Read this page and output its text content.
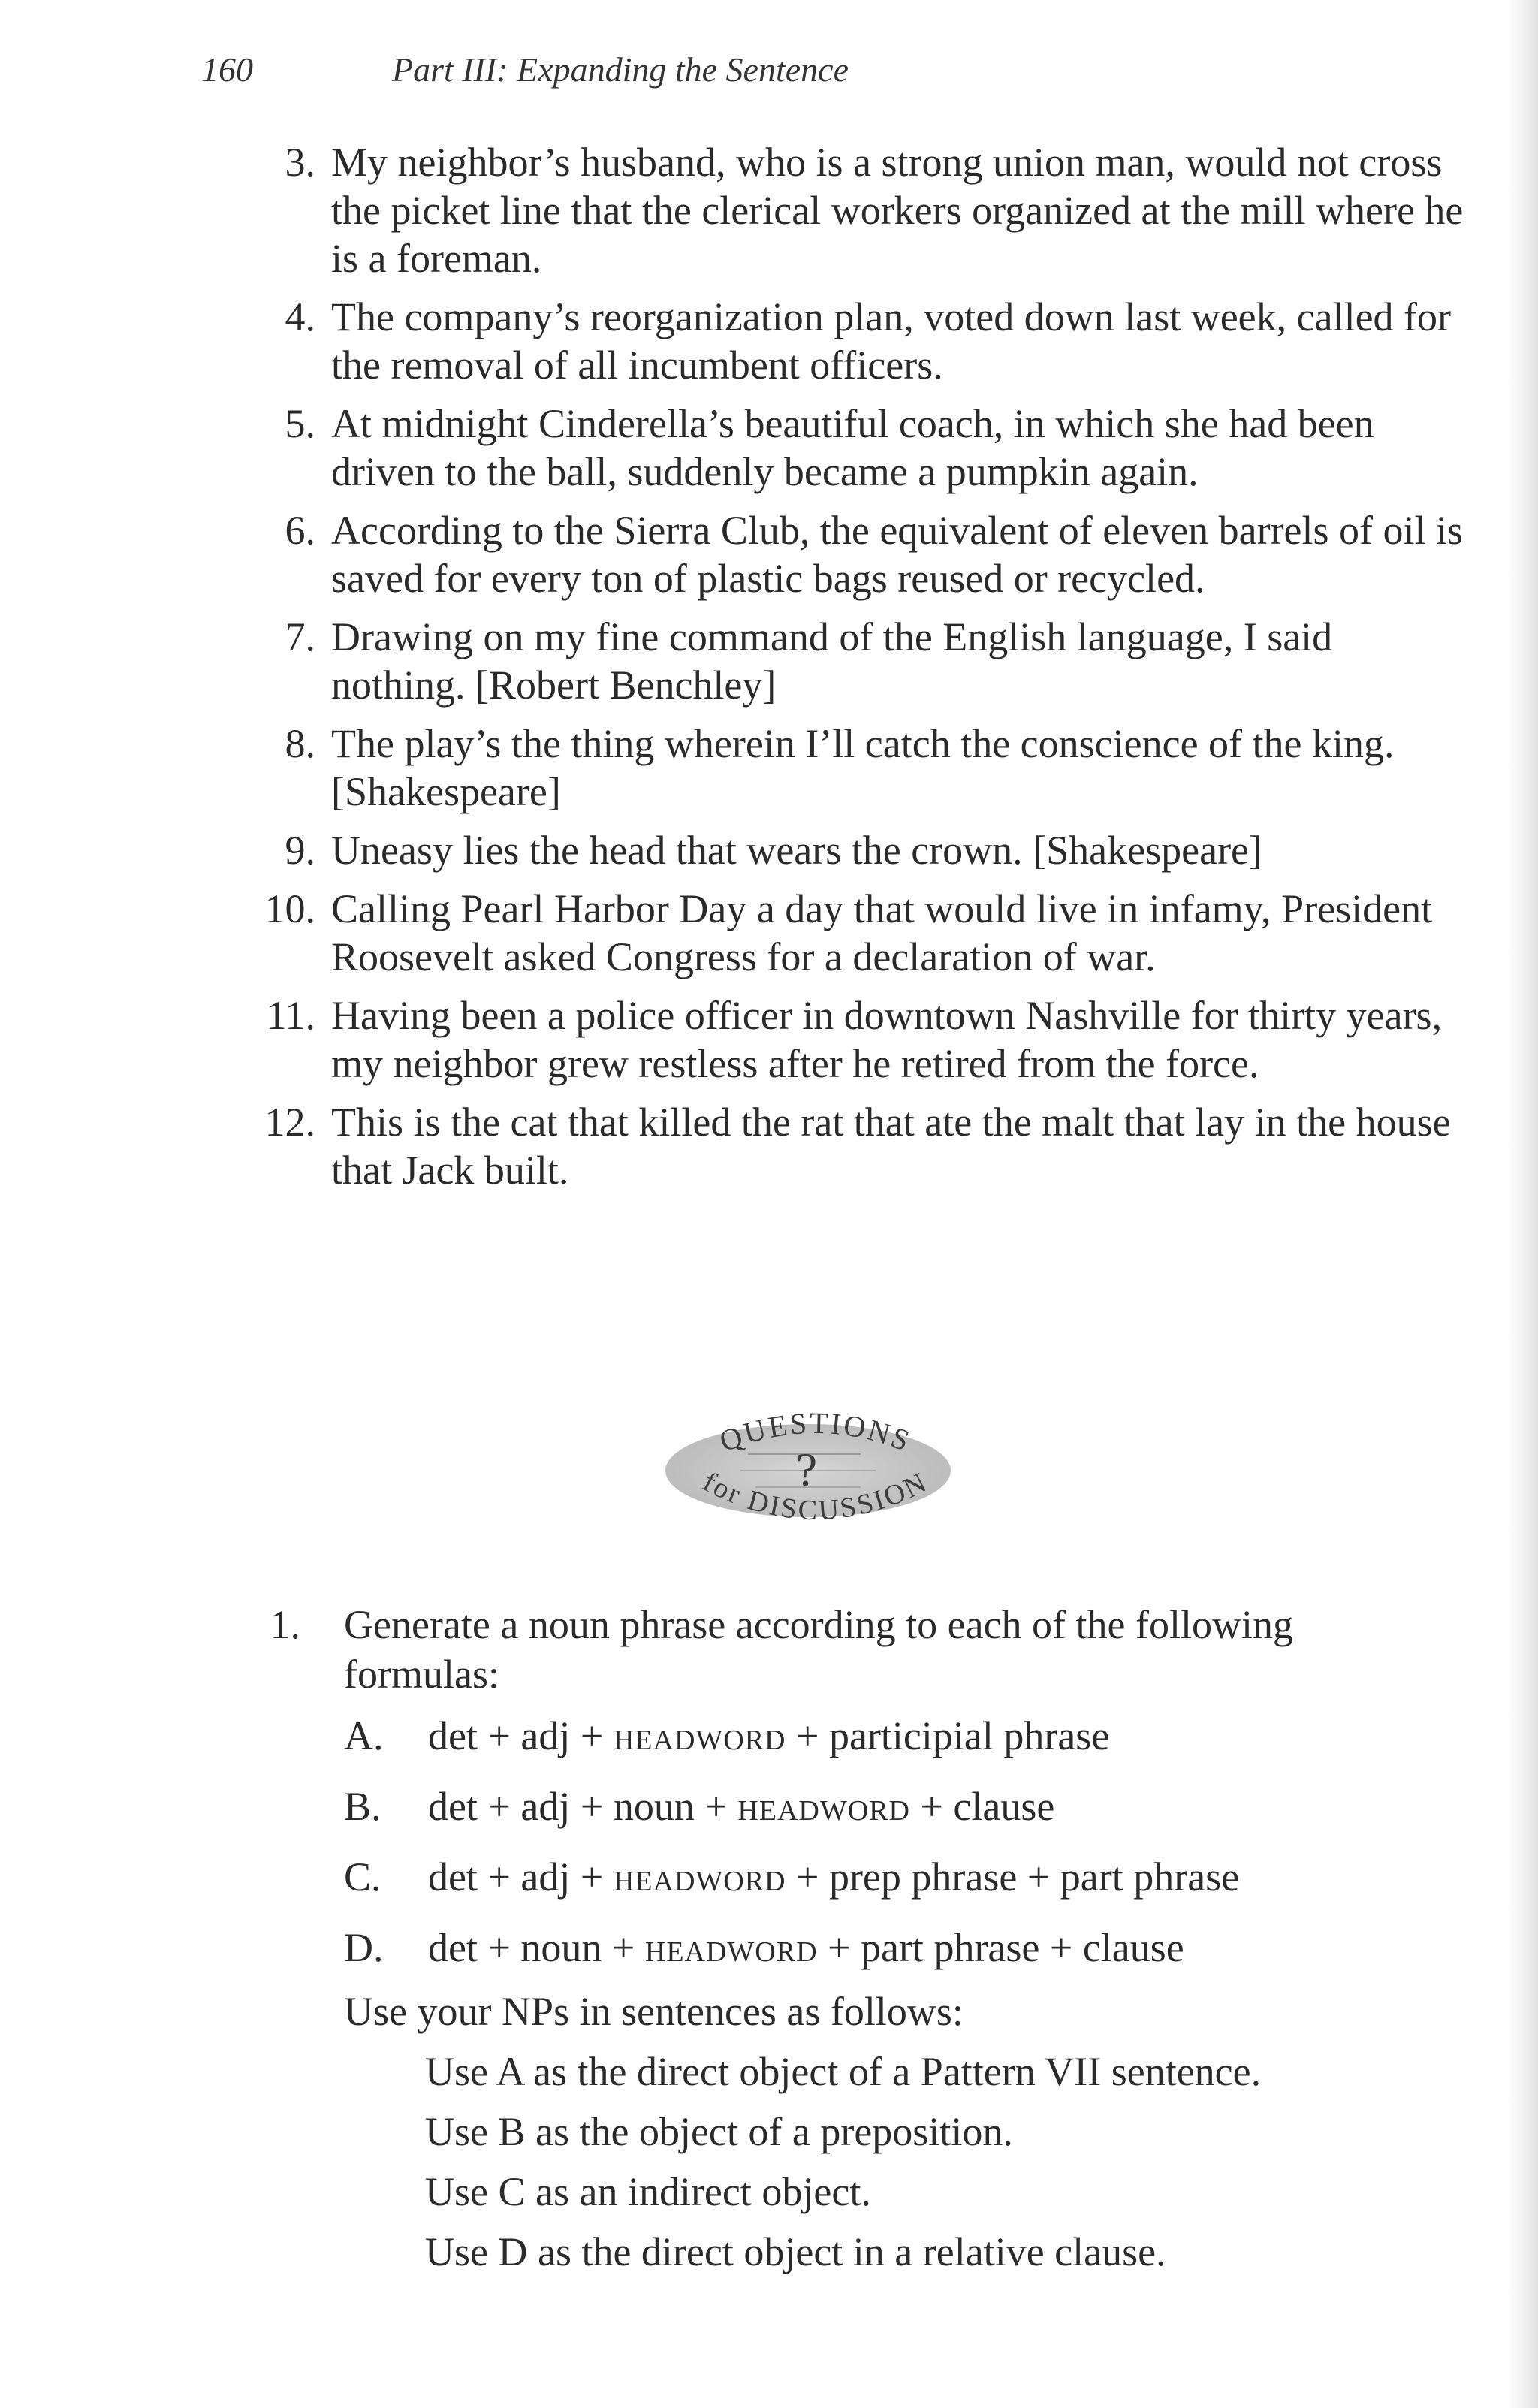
160	Part III: Expanding the Sentence
3. My neighbor’s husband, who is a strong union man, would not cross the picket line that the clerical workers organized at the mill where he is a foreman.
4. The company’s reorganization plan, voted down last week, called for the removal of all incumbent officers.
5. At midnight Cinderella’s beautiful coach, in which she had been driven to the ball, suddenly became a pumpkin again.
6. According to the Sierra Club, the equivalent of eleven barrels of oil is saved for every ton of plastic bags reused or recycled.
7. Drawing on my fine command of the English language, I said nothing. [Robert Benchley]
8. The play’s the thing wherein I’ll catch the conscience of the king. [Shakespeare]
9. Uneasy lies the head that wears the crown. [Shakespeare]
10. Calling Pearl Harbor Day a day that would live in infamy, President Roosevelt asked Congress for a declaration of war.
11. Having been a police officer in downtown Nashville for thirty years, my neighbor grew restless after he retired from the force.
12. This is the cat that killed the rat that ate the malt that lay in the house that Jack built.
?
QUESTIONS
for DISCUSSION
1. Generate a noun phrase according to each of the following formulas:
A. det + adj + headword + participial phrase
B. det + adj + noun + headword + clause
C. det + adj + headword + prep phrase + part phrase
D. det + noun + headword + part phrase + clause
Use your NPs in sentences as follows:
Use A as the direct object of a Pattern VII sentence.
Use B as the object of a preposition.
Use C as an indirect object.
Use D as the direct object in a relative clause.
